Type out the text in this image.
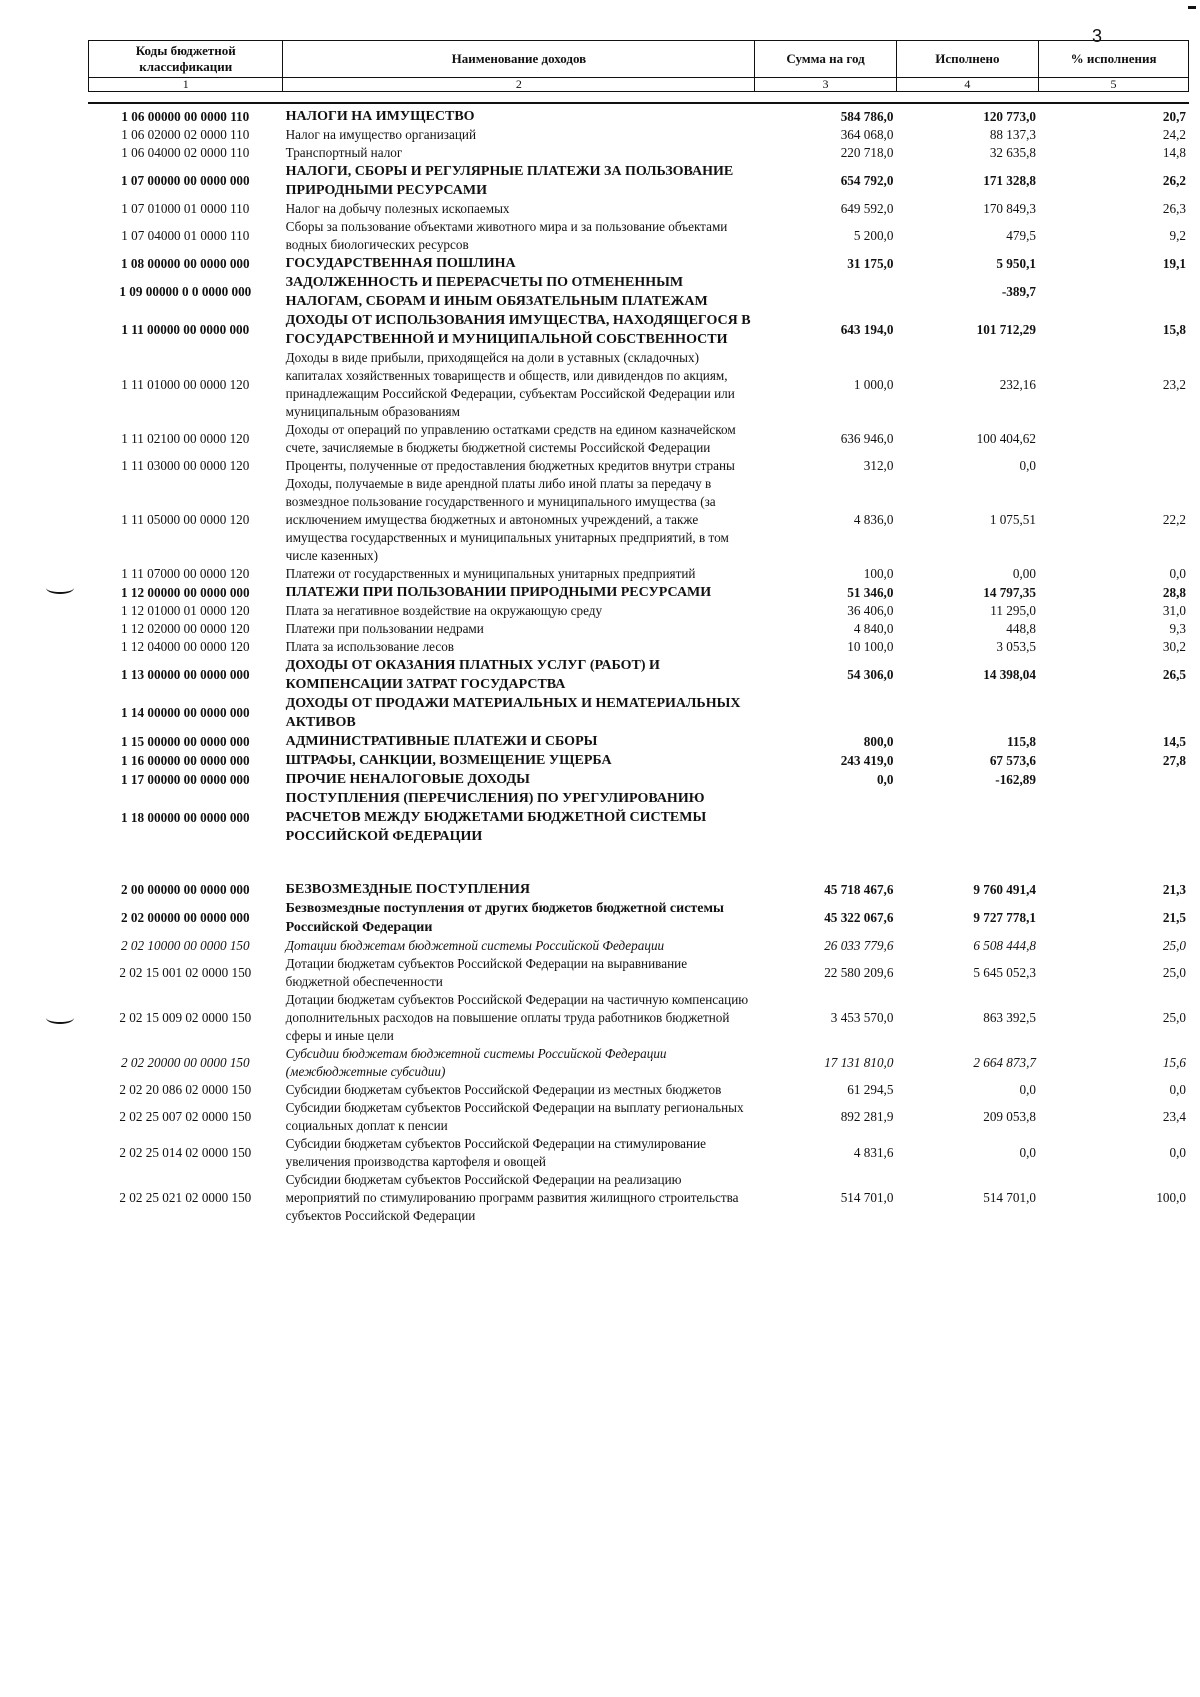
3
Коды бюджетной классификации	Наименование доходов	Сумма на год	Исполнено	% исполнения
1	2	3	4	5
1 06 00000 00 0000 110	НАЛОГИ НА ИМУЩЕСТВО	584 786,0	120 773,0	20,7
1 06 02000 02 0000 110	Налог на имущество организаций	364 068,0	88 137,3	24,2
1 06 04000 02 0000 110	Транспортный налог	220 718,0	32 635,8	14,8
1 07 00000 00 0000 000	НАЛОГИ, СБОРЫ И РЕГУЛЯРНЫЕ ПЛАТЕЖИ ЗА ПОЛЬЗОВАНИЕ ПРИРОДНЫМИ РЕСУРСАМИ	654 792,0	171 328,8	26,2
1 07 01000 01 0000 110	Налог на добычу полезных ископаемых	649 592,0	170 849,3	26,3
1 07 04000 01 0000 110	Сборы за пользование объектами животного мира и за пользование объектами водных биологических ресурсов	5 200,0	479,5	9,2
1 08 00000 00 0000 000	ГОСУДАРСТВЕННАЯ ПОШЛИНА	31 175,0	5 950,1	19,1
1 09 00000 0 0 0000 000	ЗАДОЛЖЕННОСТЬ И ПЕРЕРАСЧЕТЫ ПО ОТМЕНЕННЫМ НАЛОГАМ, СБОРАМ И ИНЫМ ОБЯЗАТЕЛЬНЫМ ПЛАТЕЖАМ		-389,7	
1 11 00000 00 0000 000	ДОХОДЫ ОТ ИСПОЛЬЗОВАНИЯ ИМУЩЕСТВА, НАХОДЯЩЕГОСЯ В ГОСУДАРСТВЕННОЙ И МУНИЦИПАЛЬНОЙ СОБСТВЕННОСТИ	643 194,0	101 712,29	15,8
1 11 01000 00 0000 120	Доходы в виде прибыли, приходящейся на доли в уставных (складочных) капиталах хозяйственных товариществ и обществ, или дивидендов по акциям, принадлежащим Российской Федерации, субъектам Российской Федерации или муниципальным образованиям	1 000,0	232,16	23,2
1 11 02100 00 0000 120	Доходы от операций по управлению остатками средств на едином казначейском счете, зачисляемые в бюджеты бюджетной системы Российской Федерации	636 946,0	100 404,62	
1 11 03000 00 0000 120	Проценты, полученные от предоставления бюджетных кредитов внутри страны	312,0	0,0	
1 11 05000 00 0000 120	Доходы, получаемые в виде арендной платы либо иной платы за передачу в возмездное пользование государственного и муниципального имущества (за исключением имущества бюджетных и автономных учреждений, а также имущества государственных и муниципальных унитарных предприятий, в том числе казенных)	4 836,0	1 075,51	22,2
1 11 07000 00 0000 120	Платежи от государственных и муниципальных унитарных предприятий	100,0	0,00	0,0
1 12 00000 00 0000 000	ПЛАТЕЖИ ПРИ ПОЛЬЗОВАНИИ ПРИРОДНЫМИ РЕСУРСАМИ	51 346,0	14 797,35	28,8
1 12 01000 01 0000 120	Плата за негативное воздействие на окружающую среду	36 406,0	11 295,0	31,0
1 12 02000 00 0000 120	Платежи при пользовании недрами	4 840,0	448,8	9,3
1 12 04000 00 0000 120	Плата за использование лесов	10 100,0	3 053,5	30,2
1 13 00000 00 0000 000	ДОХОДЫ ОТ ОКАЗАНИЯ ПЛАТНЫХ УСЛУГ (РАБОТ) И КОМПЕНСАЦИИ ЗАТРАТ ГОСУДАРСТВА	54 306,0	14 398,04	26,5
1 14 00000 00 0000 000	ДОХОДЫ ОТ ПРОДАЖИ МАТЕРИАЛЬНЫХ И НЕМАТЕРИАЛЬНЫХ АКТИВОВ			
1 15 00000 00 0000 000	АДМИНИСТРАТИВНЫЕ ПЛАТЕЖИ И СБОРЫ	800,0	115,8	14,5
1 16 00000 00 0000 000	ШТРАФЫ, САНКЦИИ, ВОЗМЕЩЕНИЕ УЩЕРБА	243 419,0	67 573,6	27,8
1 17 00000 00 0000 000	ПРОЧИЕ НЕНАЛОГОВЫЕ ДОХОДЫ	0,0	-162,89	
1 18 00000 00 0000 000	ПОСТУПЛЕНИЯ (ПЕРЕЧИСЛЕНИЯ) ПО УРЕГУЛИРОВАНИЮ РАСЧЕТОВ МЕЖДУ БЮДЖЕТАМИ БЮДЖЕТНОЙ СИСТЕМЫ РОССИЙСКОЙ ФЕДЕРАЦИИ			

2 00 00000 00 0000 000	БЕЗВОЗМЕЗДНЫЕ ПОСТУПЛЕНИЯ	45 718 467,6	9 760 491,4	21,3
2 02 00000 00 0000 000	Безвозмездные поступления от других бюджетов бюджетной системы Российской Федерации	45 322 067,6	9 727 778,1	21,5
2 02 10000 00 0000 150	Дотации бюджетам бюджетной системы Российской Федерации	26 033 779,6	6 508 444,8	25,0
2 02 15 001 02 0000 150	Дотации бюджетам субъектов Российской Федерации на выравнивание бюджетной обеспеченности	22 580 209,6	5 645 052,3	25,0
2 02 15 009 02 0000 150	Дотации бюджетам субъектов Российской Федерации на частичную компенсацию дополнительных расходов на повышение оплаты труда работников бюджетной сферы и иные цели	3 453 570,0	863 392,5	25,0
2 02 20000 00 0000 150	Субсидии бюджетам бюджетной системы Российской Федерации (межбюджетные субсидии)	17 131 810,0	2 664 873,7	15,6
2 02 20 086 02 0000 150	Субсидии бюджетам субъектов Российской Федерации из местных бюджетов	61 294,5	0,0	0,0
2 02 25 007 02 0000 150	Субсидии бюджетам субъектов Российской Федерации на выплату региональных социальных доплат к пенсии	892 281,9	209 053,8	23,4
2 02 25 014 02 0000 150	Субсидии бюджетам субъектов Российской Федерации на стимулирование увеличения производства картофеля и овощей	4 831,6	0,0	0,0
2 02 25 021 02 0000 150	Субсидии бюджетам субъектов Российской Федерации на реализацию мероприятий по стимулированию программ развития жилищного строительства субъектов Российской Федерации	514 701,0	514 701,0	100,0
